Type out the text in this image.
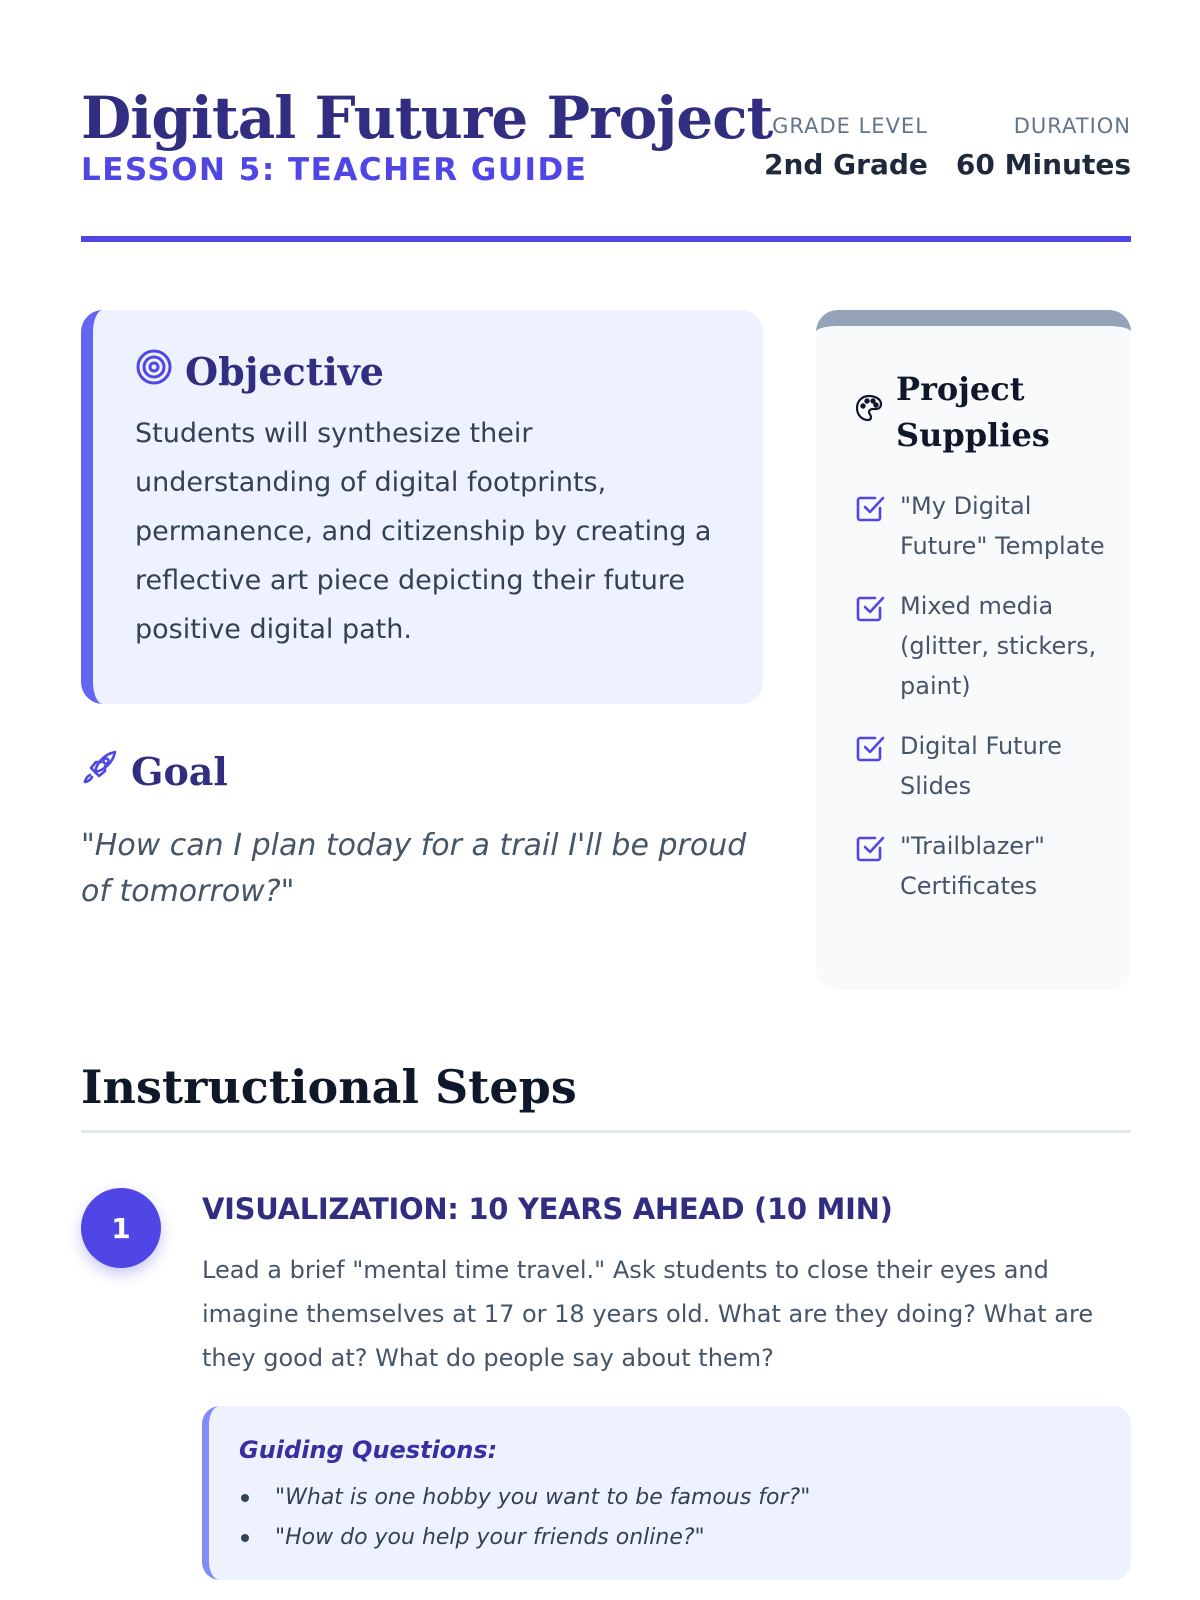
Digital Future Project
LESSON 5: TEACHER GUIDE
GRADE LEVEL
2nd Grade
DURATION
60 Minutes
Objective

Students will synthesize their understanding of digital footprints, permanence, and citizenship by creating a reflective art piece depicting their future positive digital path.

Goal

"How can I plan today for a trail I'll be proud of tomorrow?"

Project Supplies
"My Digital Future" Template
Mixed media (glitter, stickers, paint)
Digital Future Slides
"Trailblazer" Certificates
Instructional Steps
1
VISUALIZATION: 10 YEARS AHEAD (10 MIN)

Lead a brief "mental time travel." Ask students to close their eyes and imagine themselves at 17 or 18 years old. What are they doing? What are they good at? What do people say about them?

Guiding Questions:
"What is one hobby you want to be famous for?"
"How do you help your friends online?"
